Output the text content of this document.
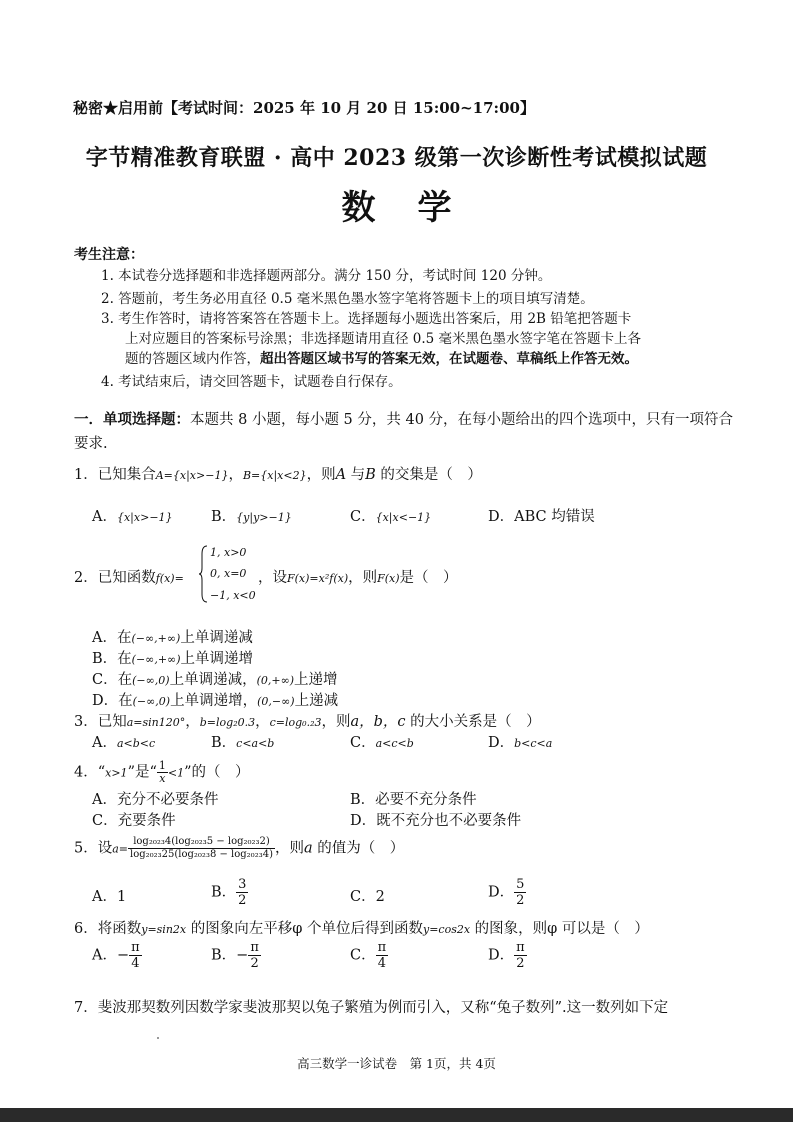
秘密★启用前【考试时间：2025 年 10 月 20 日 15:00~17:00】
字节精准教育联盟 · 高中 2023 级第一次诊断性考试模拟试题
数学
考生注意：
1. 本试卷分选择题和非选择题两部分。满分 150 分，考试时间 120 分钟。
2. 答题前，考生务必用直径 0.5 毫米黑色墨水签字笔将答题卡上的项目填写清楚。
3. 考生作答时，请将答案答在答题卡上。选择题每小题选出答案后，用 2B 铅笔把答题卡
上对应题目的答案标号涂黑；非选择题请用直径 0.5 毫米黑色墨水签字笔在答题卡上各
题的答题区域内作答，超出答题区域书写的答案无效，在试题卷、草稿纸上作答无效。
4. 考试结束后，请交回答题卡，试题卷自行保存。
一．单项选择题：本题共 8 小题，每小题 5 分，共 40 分，在每小题给出的四个选项中，只有一项符合要求.
1．已知集合A={x|x>−1}，B={x|x<2}，则A 与B 的交集是（　）
A．{x|x>−1}	B．{y|y>−1}	C．{x|x<−1}	D．ABC 均错误
2．已知函数f(x)=
1, x>0
0, x=0
−1, x<0
，设F(x)=x²f(x)，则F(x)是（　）
A．在(−∞,+∞)上单调递减
B．在(−∞,+∞)上单调递增
C．在(−∞,0)上单调递减，(0,+∞)上递增
D．在(−∞,0)上单调递增，(0,−∞)上递减
3．已知a=sin120°，b=log₂0.3，c=log₀.₂3，则a，b，c 的大小关系是（　）
A．a<b<c	B．c<a<b	C．a<c<b	D．b<c<a
4．“x>1”是“ $\frac{1}{x} <1$”的（　）
A．充分不必要条件	B．必要不充分条件
C．充要条件	D．既不充分也不必要条件
5．设$a= \frac{\text{log₂₀₂₃4(log₂₀₂₃5 − log₂₀₂₃2)}}{\text{log₂₀₂₃25(log₂₀₂₃8 − log₂₀₂₃4)}}$ ，则a 的值为（　）
A．1	B． $\frac{3}{2}$	C．2	D． $\frac{5}{2}$
6．将函数y=sin2x 的图象向左平移φ 个单位后得到函数y=cos2x 的图象，则φ 可以是（　）
A．− $\frac{\pi}{4}$	B．− $\frac{\pi}{2}$	C． $\frac{\pi}{4}$	D． $\frac{\pi}{2}$
7．斐波那契数列因数学家斐波那契以兔子繁殖为例而引入，又称“兔子数列”.这一数列如下定
高三数学一诊试卷　第 1页，共 4页
